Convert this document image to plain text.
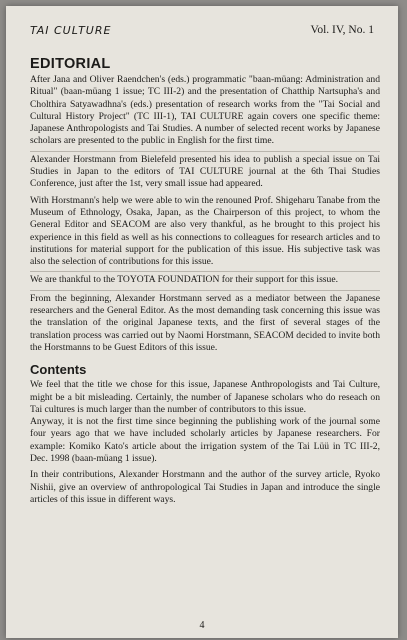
TAI CULTURE	Vol. IV, No. 1
EDITORIAL

After Jana and Oliver Raendchen's (eds.) programmatic "baan-müang: Administration and Ritual" (baan-müang 1 issue; TC III-2) and the presentation of Chatthip Nartsupha's and Cholthira Satyawadhna's (eds.) presentation of research works from the "Tai Social and Cultural History Project" (TC III-1), TAI CULTURE again covers one specific theme: Japanese Anthropologists and Tai Studies. A number of selected recent works by Japanese scholars are presented to the public in English for the first time.

Alexander Horstmann from Bielefeld presented his idea to publish a special issue on Tai Studies in Japan to the editors of TAI CULTURE journal at the 6th Thai Studies Conference, just after the 1st, very small issue had appeared.

With Horstmann's help we were able to win the renouned Prof. Shigeharu Tanabe from the Museum of Ethnology, Osaka, Japan, as the Chairperson of this project, to whom the General Editor and SEACOM are also very thankful, as he brought to this project his experience in this field as well as his connections to colleagues for research articles and to institutions for material support for the publication of this issue. His subjective task was also the selection of contributions for this issue.

We are thankful to the TOYOTA FOUNDATION for their support for this issue.

From the beginning, Alexander Horstmann served as a mediator between the Japanese researchers and the General Editor. As the most demanding task concerning this issue was the translation of the original Japanese texts, and the first of several stages of the translation process was carried out by Naomi Horstmann, SEACOM decided to invite both the Horstmanns to be Guest Editors of this issue.

Contents

We feel that the title we chose for this issue, Japanese Anthropologists and Tai Culture, might be a bit misleading. Certainly, the number of Japanese scholars who do reseach on Tai cultures is much larger than the number of contributors to this issue.

Anyway, it is not the first time since beginning the publishing work of the journal some four years ago that we have included scholarly articles by Japanese researchers. For example: Komiko Kato's article about the irrigation system of the Tai Lüü in TC III-2, Dec. 1998 (baan-müang 1 issue).

In their contributions, Alexander Horstmann and the author of the survey article, Ryoko Nishii, give an overview of anthropological Tai Studies in Japan and introduce the single articles of this issue in different ways.

4
